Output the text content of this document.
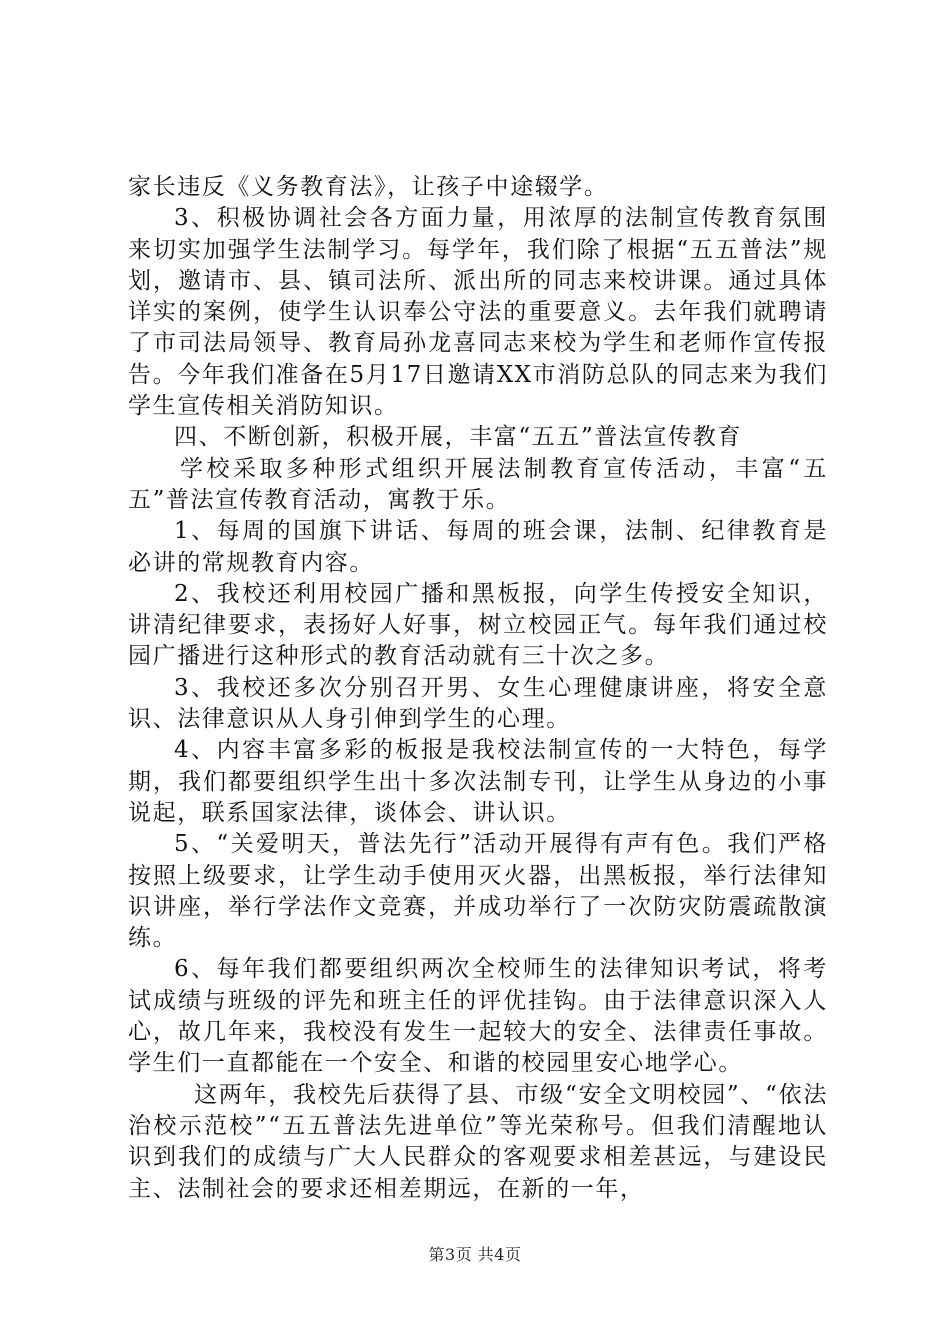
家长违反《义务教育法》，让孩子中途辍学。

3、积极协调社会各方面力量，用浓厚的法制宣传教育氛围来切实加强学生法制学习。每学年，我们除了根据“五五普法”规划，邀请市、县、镇司法所、派出所的同志来校讲课。通过具体详实的案例，使学生认识奉公守法的重要意义。去年我们就聘请了市司法局领导、教育局孙龙喜同志来校为学生和老师作宣传报告。今年我们准备在5月17日邀请XX市消防总队的同志来为我们学生宣传相关消防知识。

四、不断创新，积极开展，丰富“五五”普法宣传教育

学校采取多种形式组织开展法制教育宣传活动，丰富“五五”普法宣传教育活动，寓教于乐。

1、每周的国旗下讲话、每周的班会课，法制、纪律教育是必讲的常规教育内容。

2、我校还利用校园广播和黑板报，向学生传授安全知识，讲清纪律要求，表扬好人好事，树立校园正气。每年我们通过校园广播进行这种形式的教育活动就有三十次之多。

3、我校还多次分别召开男、女生心理健康讲座，将安全意识、法律意识从人身引伸到学生的心理。

4、内容丰富多彩的板报是我校法制宣传的一大特色，每学期，我们都要组织学生出十多次法制专刊，让学生从身边的小事说起，联系国家法律，谈体会、讲认识。

5、“关爱明天，普法先行”活动开展得有声有色。我们严格按照上级要求，让学生动手使用灭火器，出黑板报，举行法律知识讲座，举行学法作文竞赛，并成功举行了一次防灾防震疏散演练。

6、每年我们都要组织两次全校师生的法律知识考试，将考试成绩与班级的评先和班主任的评优挂钩。由于法律意识深入人心，故几年来，我校没有发生一起较大的安全、法律责任事故。学生们一直都能在一个安全、和谐的校园里安心地学心。

这两年，我校先后获得了县、市级“安全文明校园”、“依法治校示范校”“五五普法先进单位”等光荣称号。但我们清醒地认识到我们的成绩与广大人民群众的客观要求相差甚远，与建设民主、法制社会的要求还相差期远，在新的一年，

第3页 共4页
